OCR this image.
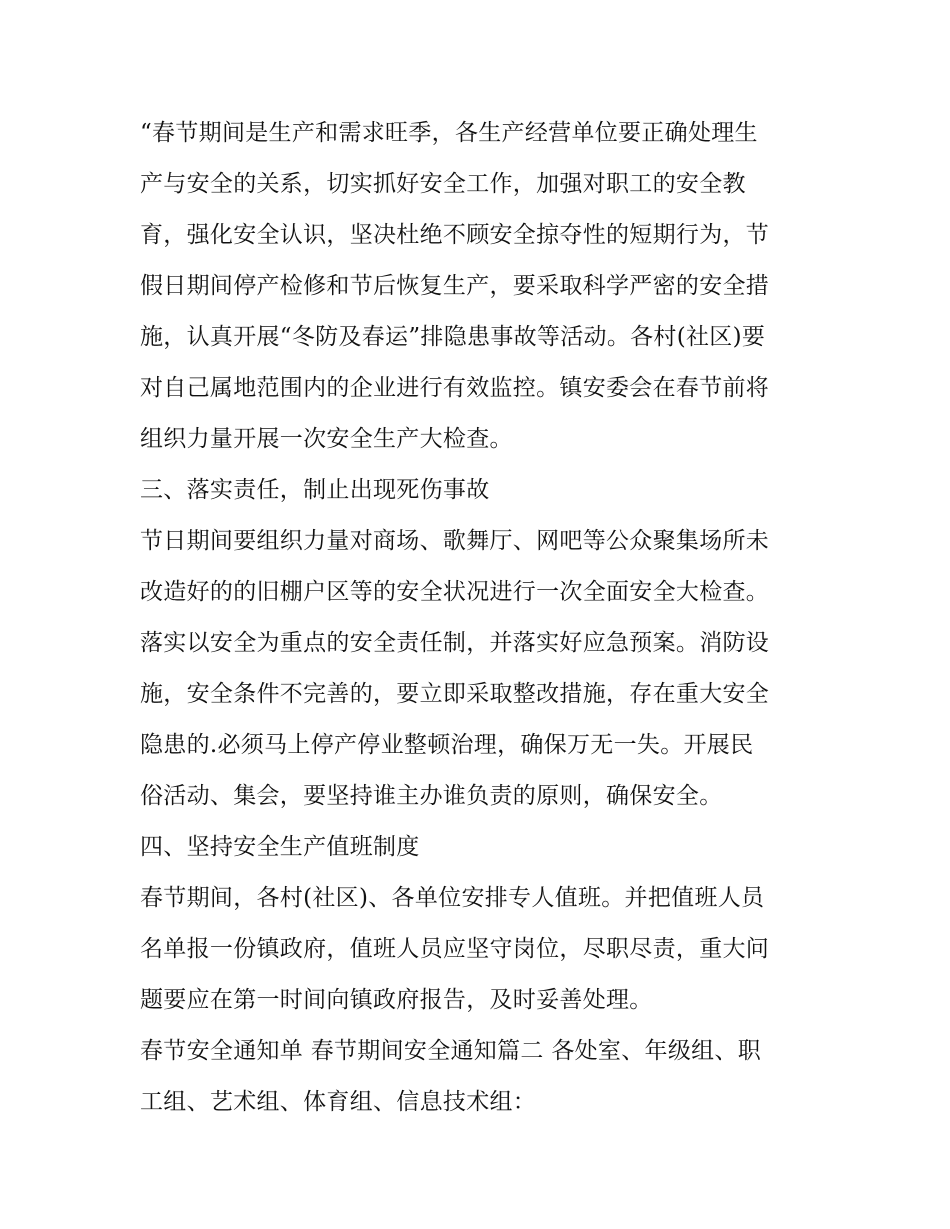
“春节期间是生产和需求旺季，各生产经营单位要正确处理生
产与安全的关系，切实抓好安全工作，加强对职工的安全教
育，强化安全认识，坚决杜绝不顾安全掠夺性的短期行为，节
假日期间停产检修和节后恢复生产，要采取科学严密的安全措
施，认真开展“冬防及春运”排隐患事故等活动。各村(社区)要
对自己属地范围内的企业进行有效监控。镇安委会在春节前将
组织力量开展一次安全生产大检查。
三、落实责任，制止出现死伤事故
节日期间要组织力量对商场、歌舞厅、网吧等公众聚集场所未
改造好的的旧棚户区等的安全状况进行一次全面安全大检查。
落实以安全为重点的安全责任制，并落实好应急预案。消防设
施，安全条件不完善的，要立即采取整改措施，存在重大安全
隐患的.必须马上停产停业整顿治理，确保万无一失。开展民
俗活动、集会，要坚持谁主办谁负责的原则，确保安全。
四、坚持安全生产值班制度
春节期间，各村(社区)、各单位安排专人值班。并把值班人员
名单报一份镇政府，值班人员应坚守岗位，尽职尽责，重大问
题要应在第一时间向镇政府报告，及时妥善处理。
春节安全通知单 春节期间安全通知篇二 各处室、年级组、职
工组、艺术组、体育组、信息技术组：
